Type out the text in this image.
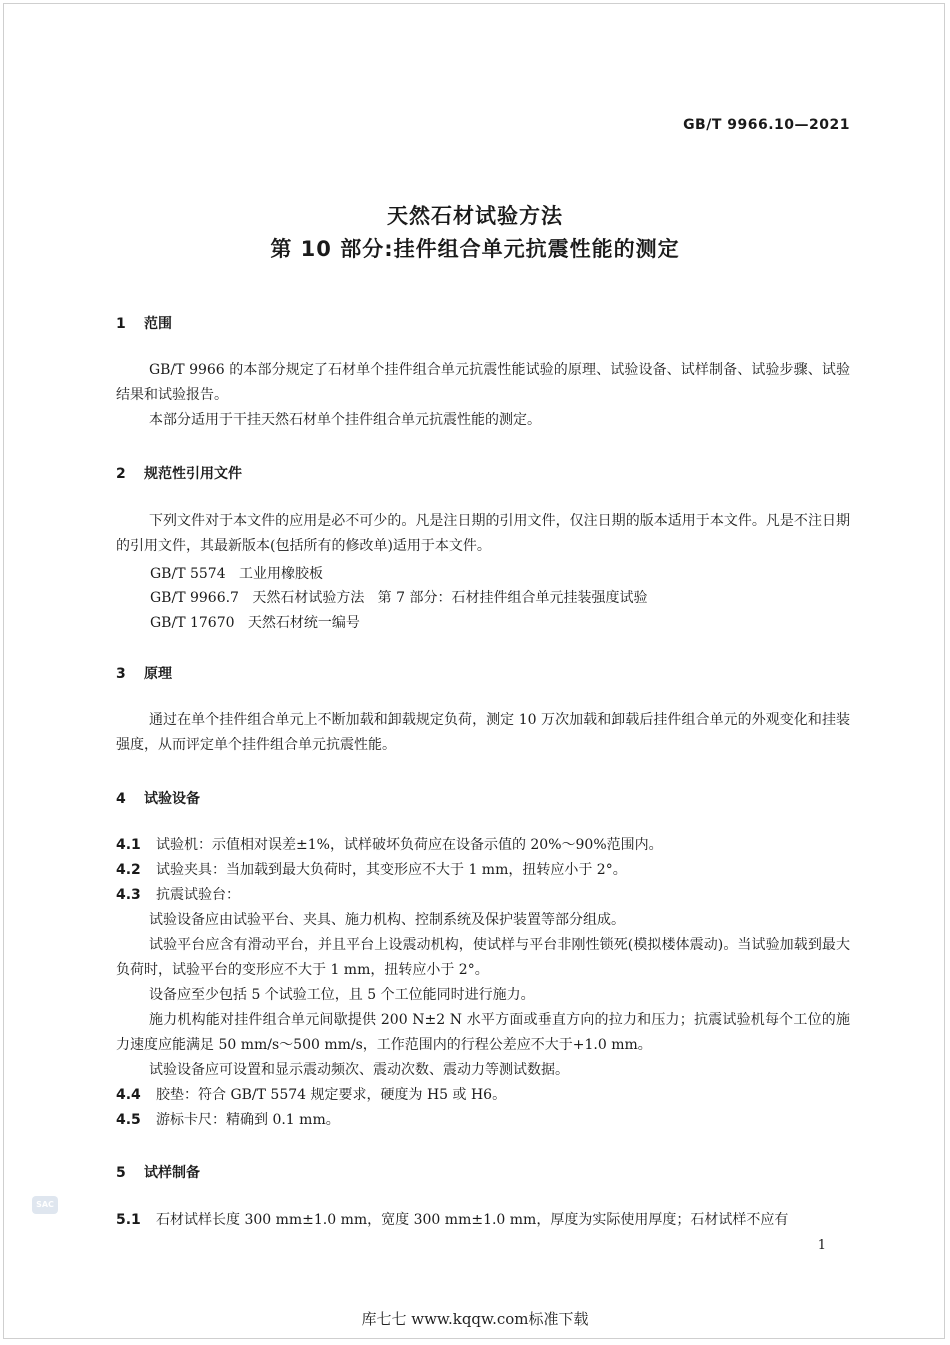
GB/T 9966.10—2021
天然石材试验方法
第 10 部分:挂件组合单元抗震性能的测定
1 范围

GB/T 9966 的本部分规定了石材单个挂件组合单元抗震性能试验的原理、试验设备、试样制备、试验步骤、试验结果和试验报告。

本部分适用于干挂天然石材单个挂件组合单元抗震性能的测定。

2 规范性引用文件

下列文件对于本文件的应用是必不可少的。凡是注日期的引用文件，仅注日期的版本适用于本文件。凡是不注日期的引用文件，其最新版本(包括所有的修改单)适用于本文件。

GB/T 5574   工业用橡胶板
GB/T 9966.7   天然石材试验方法   第 7 部分：石材挂件组合单元挂装强度试验
GB/T 17670   天然石材统一编号
3 原理

通过在单个挂件组合单元上不断加载和卸载规定负荷，测定 10 万次加载和卸载后挂件组合单元的外观变化和挂装强度，从而评定单个挂件组合单元抗震性能。

4 试验设备

4.1 试验机：示值相对误差±1%，试样破坏负荷应在设备示值的 20%～90%范围内。

4.2 试验夹具：当加载到最大负荷时，其变形应不大于 1 mm，扭转应小于 2°。

4.3 抗震试验台：

试验设备应由试验平台、夹具、施力机构、控制系统及保护装置等部分组成。

试验平台应含有滑动平台，并且平台上设震动机构，使试样与平台非刚性锁死(模拟楼体震动)。当试验加载到最大负荷时，试验平台的变形应不大于 1 mm，扭转应小于 2°。

设备应至少包括 5 个试验工位，且 5 个工位能同时进行施力。

施力机构能对挂件组合单元间歇提供 200 N±2 N 水平方面或垂直方向的拉力和压力；抗震试验机每个工位的施力速度应能满足 50 mm/s～500 mm/s，工作范围内的行程公差应不大于+1.0 mm。

试验设备应可设置和显示震动频次、震动次数、震动力等测试数据。

4.4 胶垫：符合 GB/T 5574 规定要求，硬度为 H5 或 H6。

4.5 游标卡尺：精确到 0.1 mm。

5 试样制备

5.1 石材试样长度 300 mm±1.0 mm，宽度 300 mm±1.0 mm，厚度为实际使用厚度；石材试样不应有

SAC
1
库七七 www.kqqw.com标准下载
